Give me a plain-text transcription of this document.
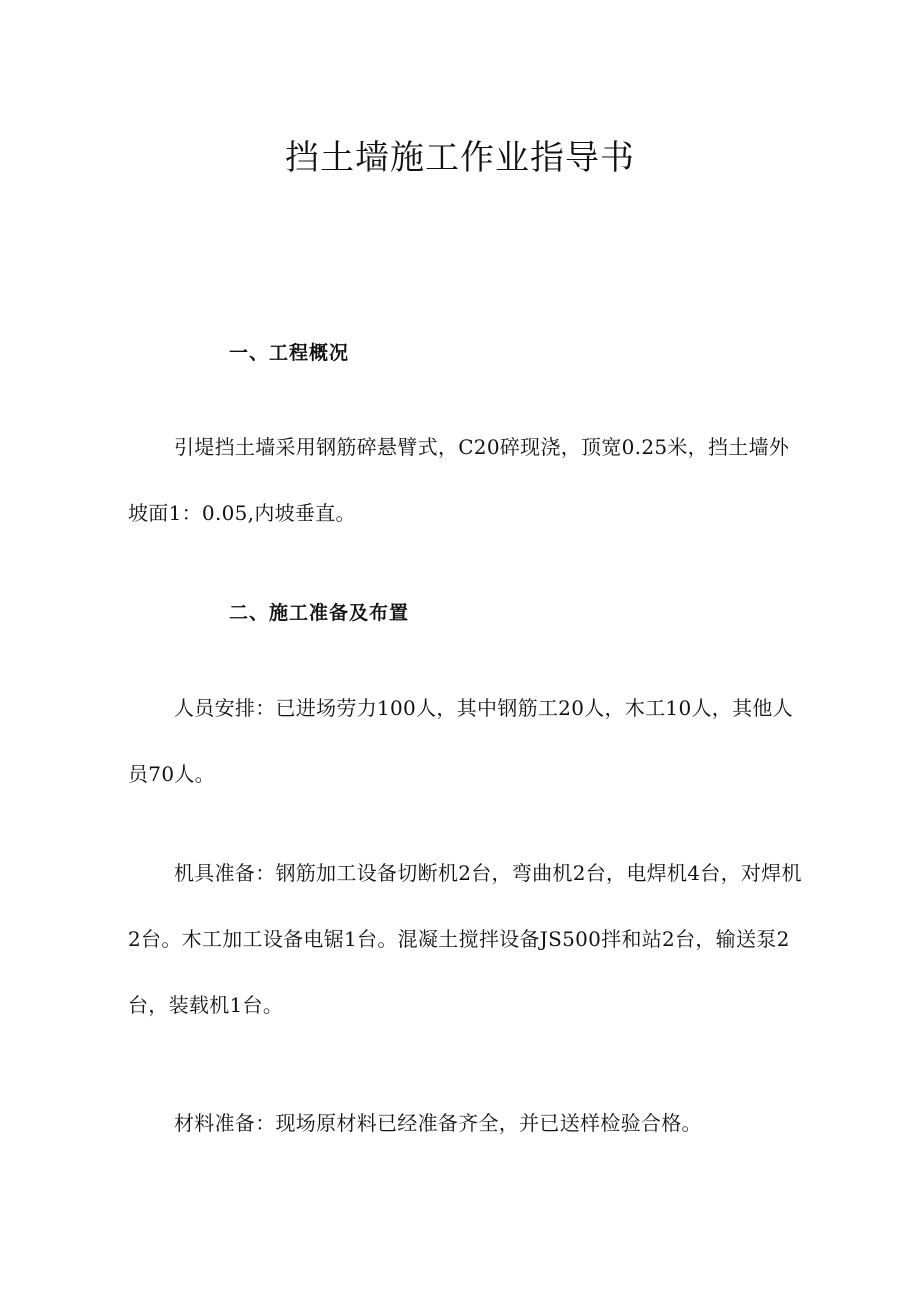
挡土墙施工作业指导书
一、工程概况
引堤挡土墙采用钢筋碎悬臂式，C20碎现浇，顶宽0.25米，挡土墙外坡面1：0.05,内坡垂直。
二、施工准备及布置
人员安排：已进场劳力100人，其中钢筋工20人，木工10人，其他人员70人。
机具准备：钢筋加工设备切断机2台，弯曲机2台，电焊机4台，对焊机2台。木工加工设备电锯1台。混凝土搅拌设备JS500拌和站2台，输送泵2台，装载机1台。
材料准备：现场原材料已经准备齐全，并已送样检验合格。
